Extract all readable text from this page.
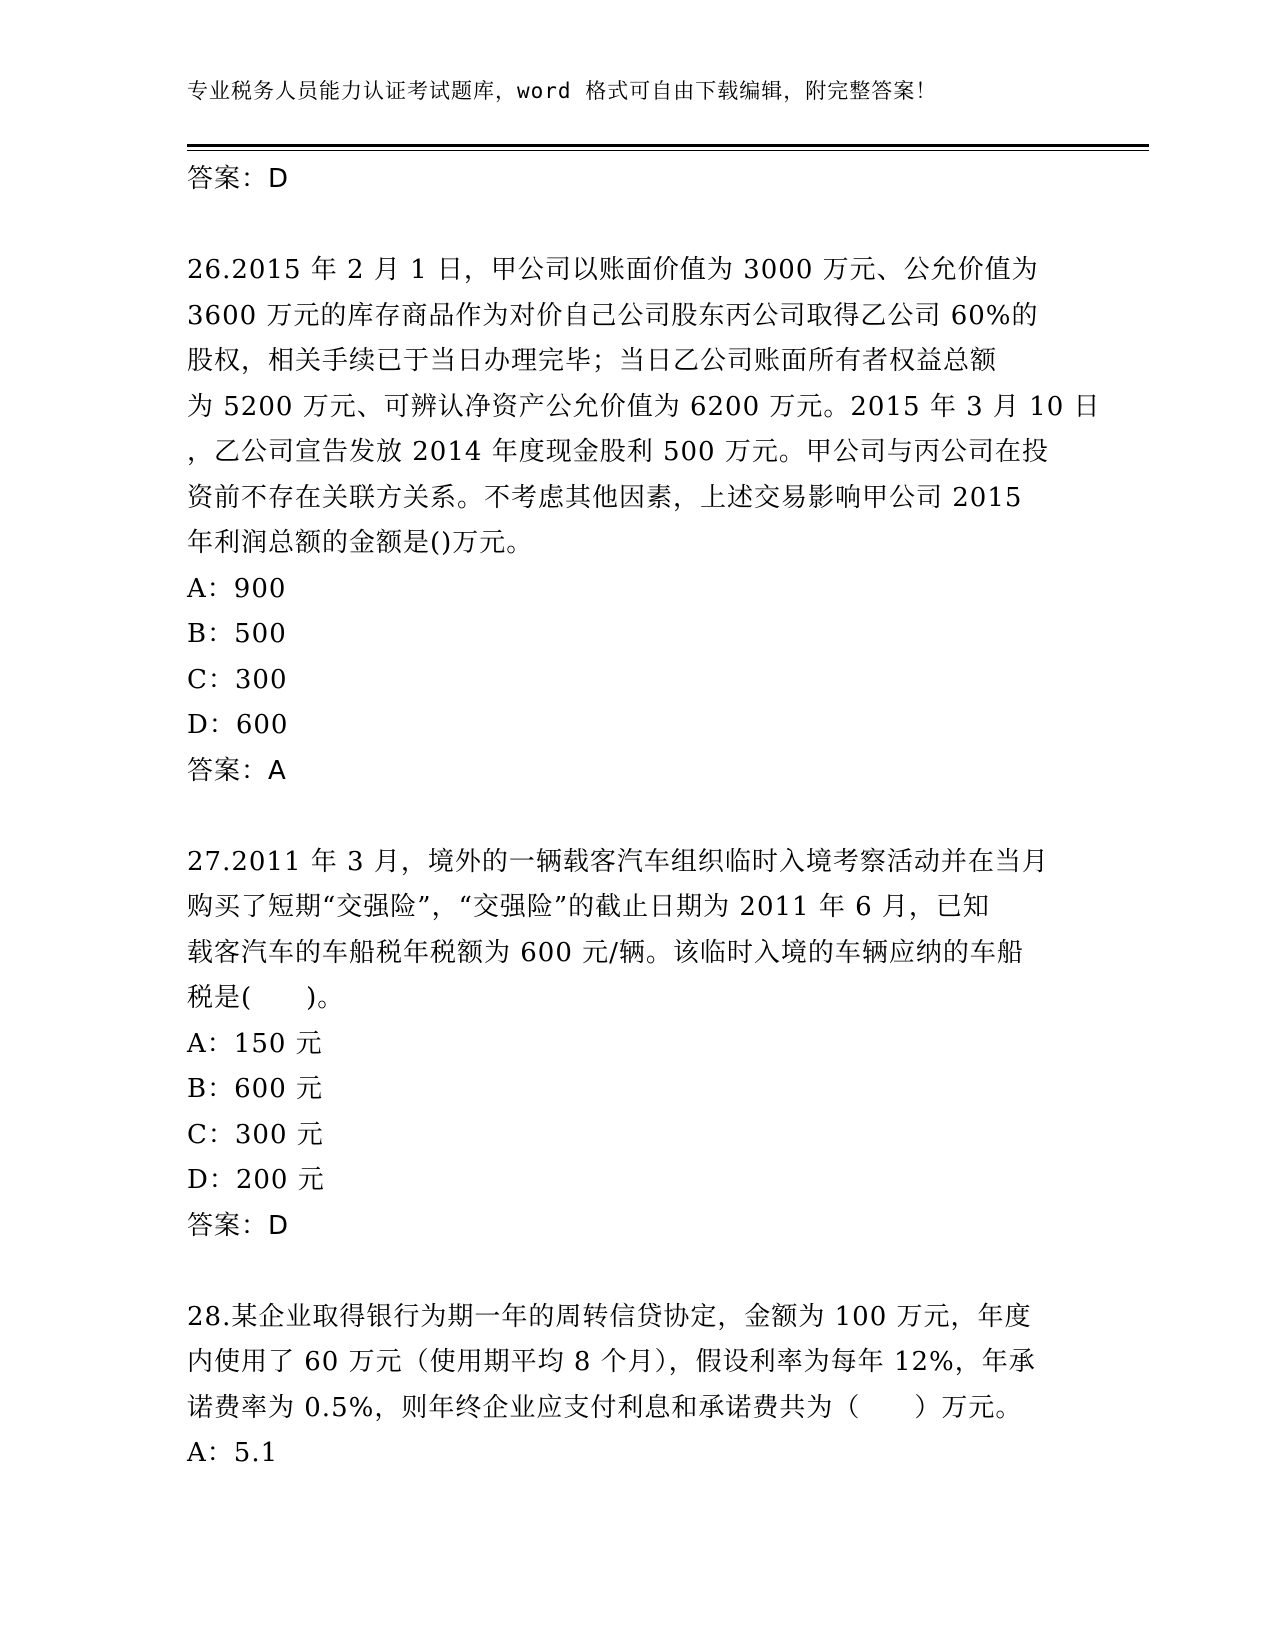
专业税务人员能力认证考试题库，word 格式可自由下载编辑，附完整答案！
答案：D
26.2015 年 2 月 1 日，甲公司以账面价值为 3000 万元、公允价值为
3600 万元的库存商品作为对价自己公司股东丙公司取得乙公司 60%的
股权，相关手续已于当日办理完毕；当日乙公司账面所有者权益总额
为 5200 万元、可辨认净资产公允价值为 6200 万元。2015 年 3 月 10 日
，乙公司宣告发放 2014 年度现金股利 500 万元。甲公司与丙公司在投
资前不存在关联方关系。不考虑其他因素，上述交易影响甲公司 2015
年利润总额的金额是()万元。
A：900
B：500
C：300
D：600
答案：A
27.2011 年 3 月，境外的一辆载客汽车组织临时入境考察活动并在当月
购买了短期“交强险”，“交强险”的截止日期为 2011 年 6 月，已知
载客汽车的车船税年税额为 600 元/辆。该临时入境的车辆应纳的车船
税是(　　)。
A：150 元
B：600 元
C：300 元
D：200 元
答案：D
28.某企业取得银行为期一年的周转信贷协定，金额为 100 万元，年度
内使用了 60 万元（使用期平均 8 个月），假设利率为每年 12%，年承
诺费率为 0.5%，则年终企业应支付利息和承诺费共为（　　）万元。
A：5.1
